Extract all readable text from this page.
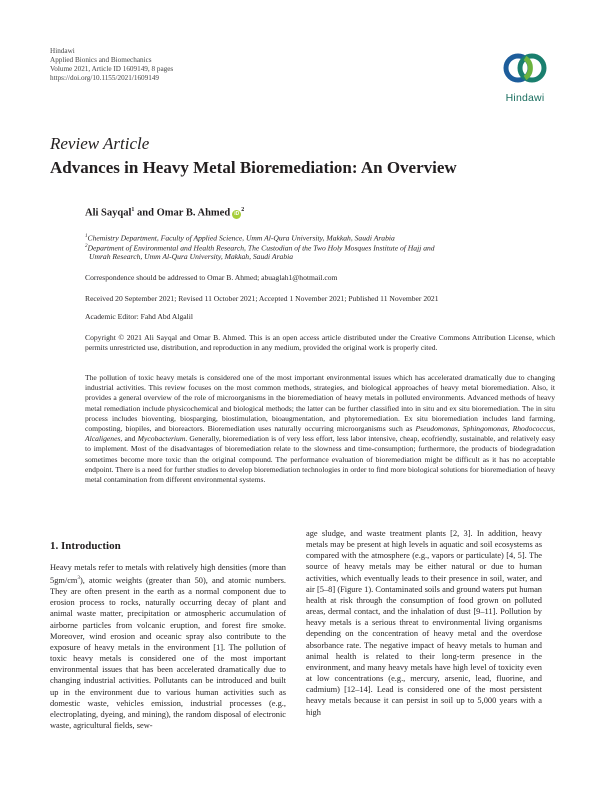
Hindawi
Applied Bionics and Biomechanics
Volume 2021, Article ID 1609149, 8 pages
https://doi.org/10.1155/2021/1609149
Hindawi
Review Article
Advances in Heavy Metal Bioremediation: An Overview
Ali Sayqal$^1$ and Omar B. Ahmed $iD^2$
$^1$Chemistry Department, Faculty of Applied Science, Umm Al-Qura University, Makkah, Saudi Arabia
$^2$Department of Environmental and Health Research, The Custodian of the Two Holy Mosques Institute of Hajj and
Umrah Research, Umm Al-Qura University, Makkah, Saudi Arabia
Correspondence should be addressed to Omar B. Ahmed; abuaglah1@hotmail.com
Received 20 September 2021; Revised 11 October 2021; Accepted 1 November 2021; Published 11 November 2021
Academic Editor: Fahd Abd Algalil
Copyright © 2021 Ali Sayqal and Omar B. Ahmed. This is an open access article distributed under the Creative Commons Attribution License, which permits unrestricted use, distribution, and reproduction in any medium, provided the original work is properly cited.
The pollution of toxic heavy metals is considered one of the most important environmental issues which has accelerated dramatically due to changing industrial activities. This review focuses on the most common methods, strategies, and biological approaches of heavy metal bioremediation. Also, it provides a general overview of the role of microorganisms in the bioremediation of heavy metals in polluted environments. Advanced methods of heavy metal remediation include physicochemical and biological methods; the latter can be further classified into in situ and ex situ bioremediation. The in situ process includes bioventing, biosparging, biostimulation, bioaugmentation, and phytoremediation. Ex situ bioremediation includes land farming, composting, biopiles, and bioreactors. Bioremediation uses naturally occurring microorganisms such as Pseudomonas, Sphingomonas, Rhodococcus, Alcaligenes, and Mycobacterium. Generally, bioremediation is of very less effort, less labor intensive, cheap, ecofriendly, sustainable, and relatively easy to implement. Most of the disadvantages of bioremediation relate to the slowness and time-consumption; furthermore, the products of biodegradation sometimes become more toxic than the original compound. The performance evaluation of bioremediation might be difficult as it has no acceptable endpoint. There is a need for further studies to develop bioremediation technologies in order to find more biological solutions for bioremediation of heavy metal contamination from different environmental systems.
1. Introduction
Heavy metals refer to metals with relatively high densities (more than $5gm/cm^3$), atomic weights (greater than 50), and atomic numbers. They are often present in the earth as a normal component due to erosion process to rocks, naturally occurring decay of plant and animal waste matter, precipitation or atmospheric accumulation of airborne particles from volcanic eruption, and forest fire smoke. Moreover, wind erosion and oceanic spray also contribute to the exposure of heavy metals in the environment [1]. The pollution of toxic heavy metals is considered one of the most important environmental issues that has been accelerated dramatically due to changing industrial activities. Pollutants can be introduced and built up in the environment due to various human activities such as domestic waste, vehicles emission, industrial processes (e.g., electroplating, dyeing, and mining), the random disposal of electronic waste, agricultural fields, sew-
age sludge, and waste treatment plants [2, 3]. In addition, heavy metals may be present at high levels in aquatic and soil ecosystems as compared with the atmosphere (e.g., vapors or particulate) [4, 5]. The source of heavy metals may be either natural or due to human activities, which eventually leads to their presence in soil, water, and air [5–8] (Figure 1). Contaminated soils and ground waters put human health at risk through the consumption of food grown on polluted areas, dermal contact, and the inhalation of dust [9–11]. Pollution by heavy metals is a serious threat to environmental living organisms depending on the concentration of heavy metal and the overdose absorbance rate. The negative impact of heavy metals to human and animal health is related to their long-term presence in the environment, and many heavy metals have high level of toxicity even at low concentrations (e.g., mercury, arsenic, lead, fluorine, and cadmium) [12–14]. Lead is considered one of the most persistent heavy metals because it can persist in soil up to 5,000 years with a high
